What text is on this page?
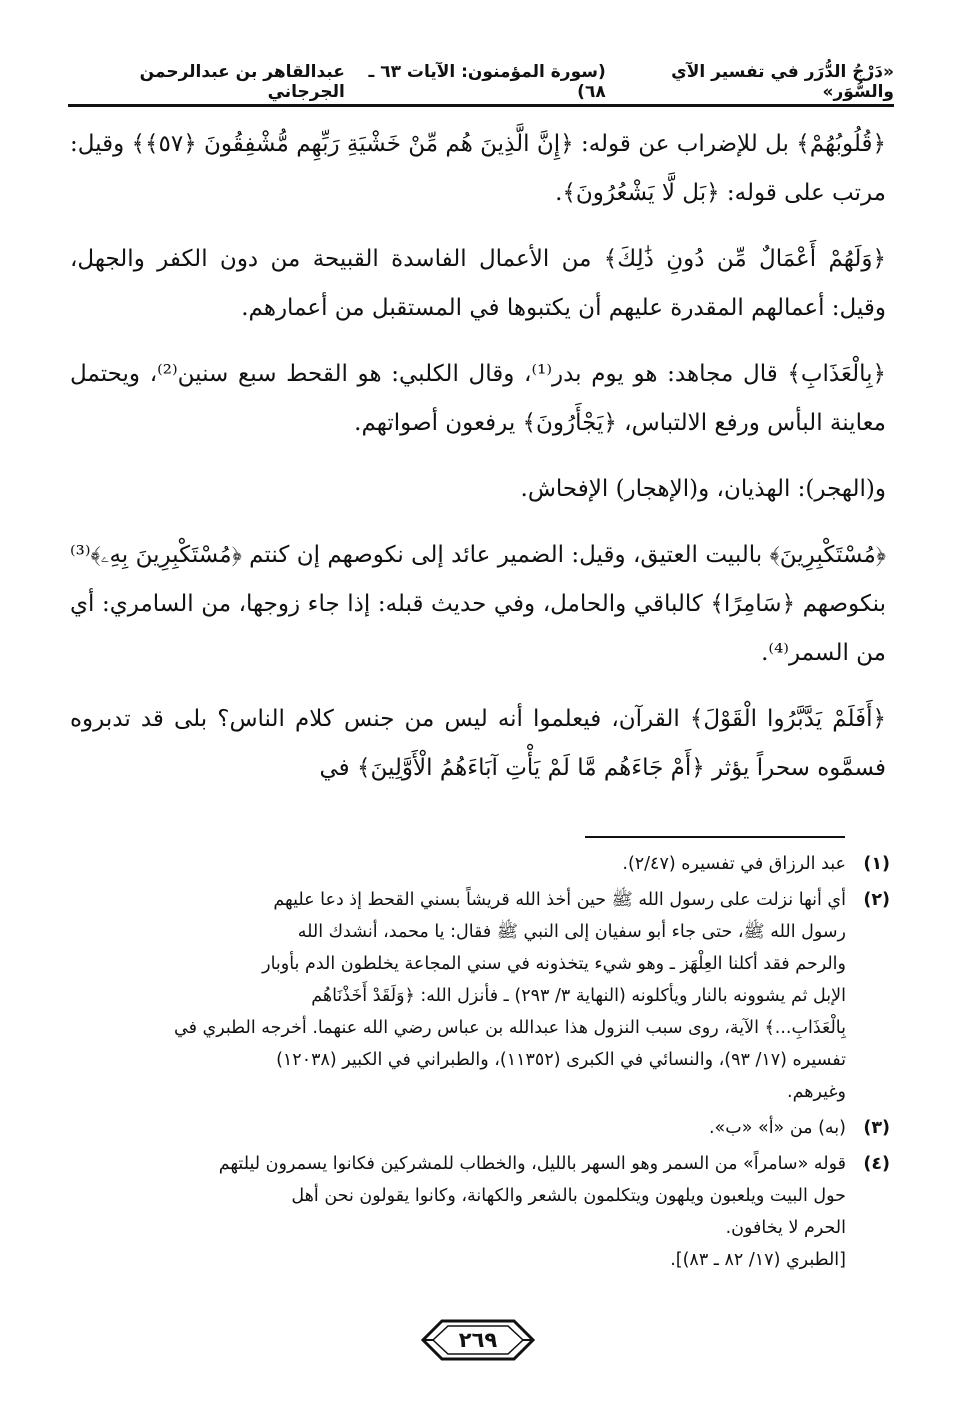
«دَرْجُ الدُّرَر في تفسير الآي والسُّوَر»
(سورة المؤمنون: الآيات ٦٣ ـ ٦٨)
عبدالقاهر بن عبدالرحمن الجرجاني

﴿قُلُوبُهُمْ﴾ بل للإضراب عن قوله: ﴿إِنَّ الَّذِينَ هُم مِّنْ خَشْيَةِ رَبِّهِم مُّشْفِقُونَ ﴿٥٧﴾﴾ وقيل: مرتب على قوله: ﴿بَل لَّا يَشْعُرُونَ﴾.

﴿وَلَهُمْ أَعْمَالٌ مِّن دُونِ ذَٰلِكَ﴾ من الأعمال الفاسدة القبيحة من دون الكفر والجهل، وقيل: أعمالهم المقدرة عليهم أن يكتبوها في المستقبل من أعمارهم.

﴿بِالْعَذَابِ﴾ قال مجاهد: هو يوم بدر⁽¹⁾، وقال الكلبي: هو القحط سبع سنين⁽²⁾، ويحتمل معاينة البأس ورفع الالتباس، ﴿يَجْأَرُونَ﴾ يرفعون أصواتهم.

و(الهجر): الهذيان، و(الإهجار) الإفحاش.

﴿مُسْتَكْبِرِينَ﴾ بالبيت العتيق، وقيل: الضمير عائد إلى نكوصهم إن كنتم ﴿مُسْتَكْبِرِينَ بِهِۦ﴾⁽³⁾ بنكوصهم ﴿سَامِرًا﴾ كالباقي والحامل، وفي حديث قبله: إذا جاء زوجها، من السامري: أي من السمر⁽⁴⁾.

﴿أَفَلَمْ يَدَّبَّرُوا الْقَوْلَ﴾ القرآن، فيعلموا أنه ليس من جنس كلام الناس؟ بلى قد تدبروه فسمَّوه سحراً يؤثر ﴿أَمْ جَاءَهُم مَّا لَمْ يَأْتِ آبَاءَهُمُ الْأَوَّلِينَ﴾ في

(١)
عبد الرزاق في تفسيره (٢/٤٧).
(٢)
أي أنها نزلت على رسول الله ﷺ حين أخذ الله قريشاً بسني القحط إذ دعا عليهم
رسول الله ﷺ، حتى جاء أبو سفيان إلى النبي ﷺ فقال: يا محمد، أنشدك الله
والرحم فقد أكلنا العِلْهَز ـ وهو شيء يتخذونه في سني المجاعة يخلطون الدم بأوبار
الإبل ثم يشوونه بالنار ويأكلونه (النهاية ٣/ ٢٩٣) ـ فأنزل الله: ﴿وَلَقَدْ أَخَذْنَاهُم
بِالْعَذَابِ...﴾ الآية، روى سبب النزول هذا عبدالله بن عباس رضي الله عنهما. أخرجه الطبري في
تفسيره (١٧/ ٩٣)، والنسائي في الكبرى (١١٣٥٢)، والطبراني في الكبير (١٢٠٣٨)
وغيرهم.
(٣)
(به) من «أ» «ب».
(٤)
قوله «سامراً» من السمر وهو السهر بالليل، والخطاب للمشركين فكانوا يسمرون ليلتهم
حول البيت ويلعبون ويلهون ويتكلمون بالشعر والكهانة، وكانوا يقولون نحن أهل
الحرم لا يخافون.
[الطبري (١٧/ ٨٢ ـ ٨٣)].
٢٦٩
